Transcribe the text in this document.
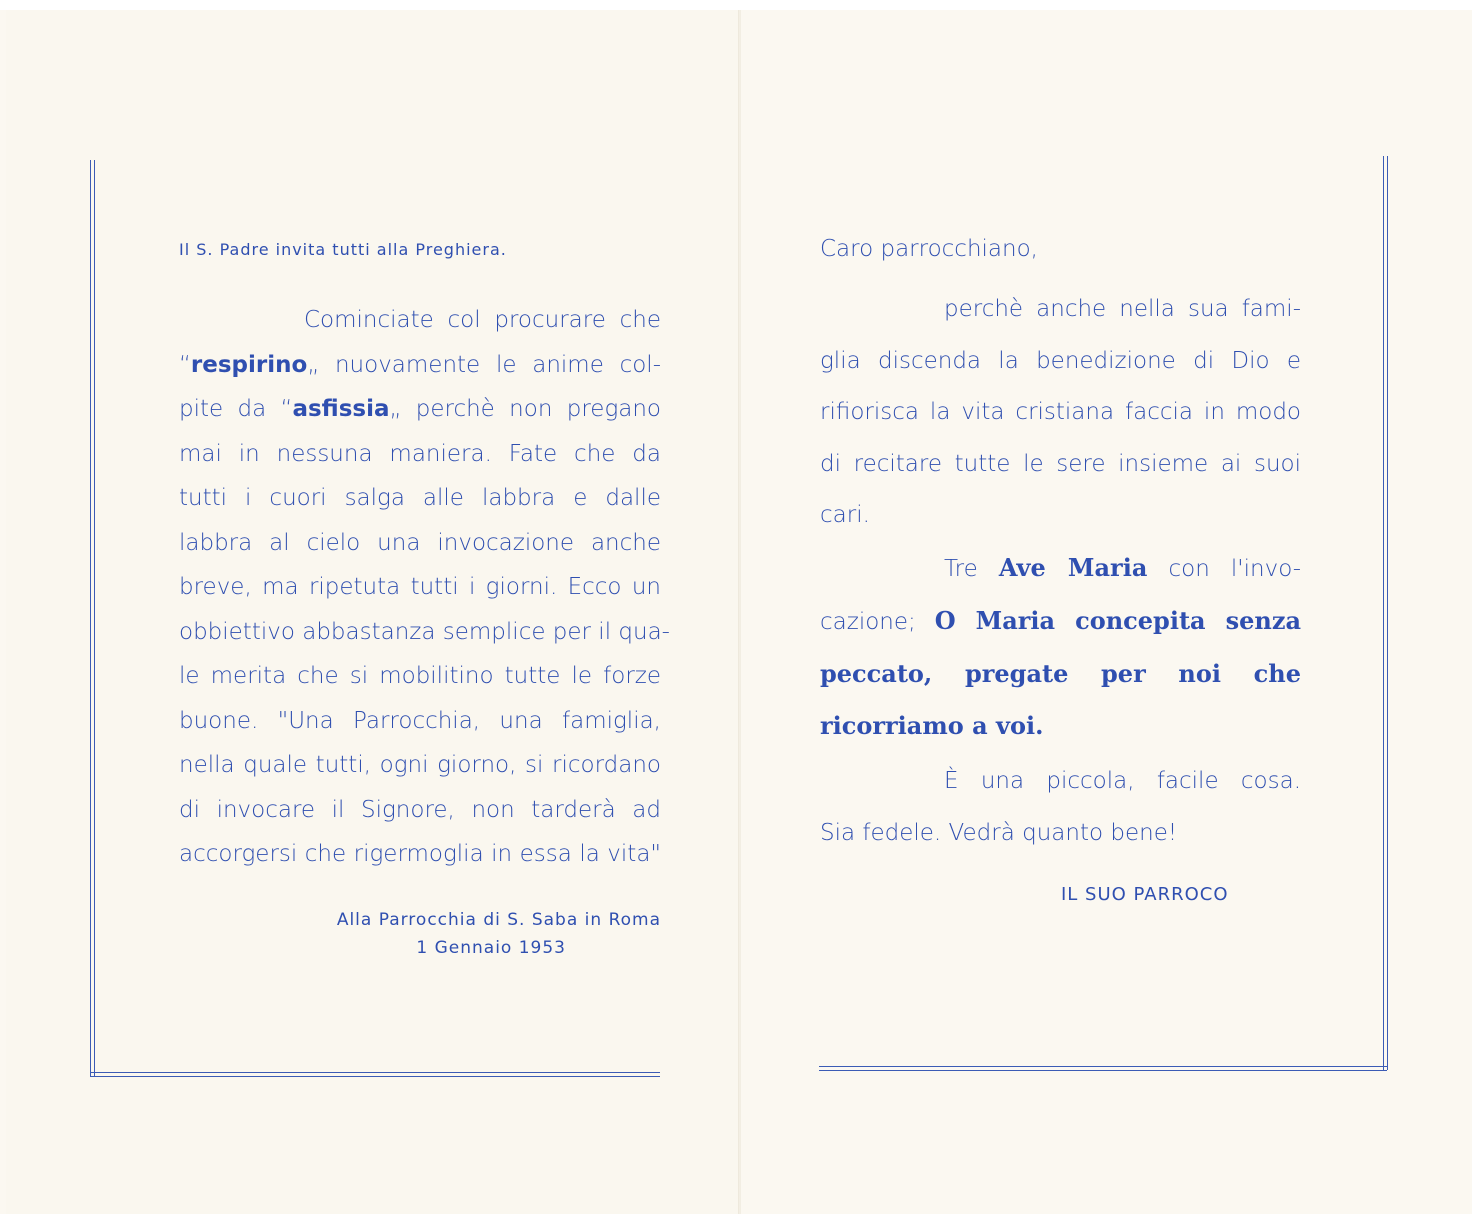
Il S. Padre invita tutti alla Preghiera.
Cominciate col procurare che
“respirino„ nuovamente le anime col-
pite da “asfissia„ perchè non pregano
mai in nessuna maniera. Fate che da
tutti i cuori salga alle labbra e dalle
labbra al cielo una invocazione anche
breve, ma ripetuta tutti i giorni. Ecco un
obbiettivo abbastanza semplice per il qua-
le merita che si mobilitino tutte le forze
buone. "Una Parrocchia, una famiglia,
nella quale tutti, ogni giorno, si ricordano
di invocare il Signore, non tarderà ad
accorgersi che rigermoglia in essa la vita"
Alla Parrocchia di S. Saba in Roma
1 Gennaio 1953
Caro parrocchiano,
perchè anche nella sua fami-
glia discenda la benedizione di Dio e
rifiorisca la vita cristiana faccia in modo
di recitare tutte le sere insieme ai suoi
cari.
Tre Ave Maria con l'invo-
cazione; O Maria concepita senza
peccato, pregate per noi che
ricorriamo a voi.
È una piccola, facile cosa.
Sia fedele. Vedrà quanto bene!
IL SUO PARROCO
